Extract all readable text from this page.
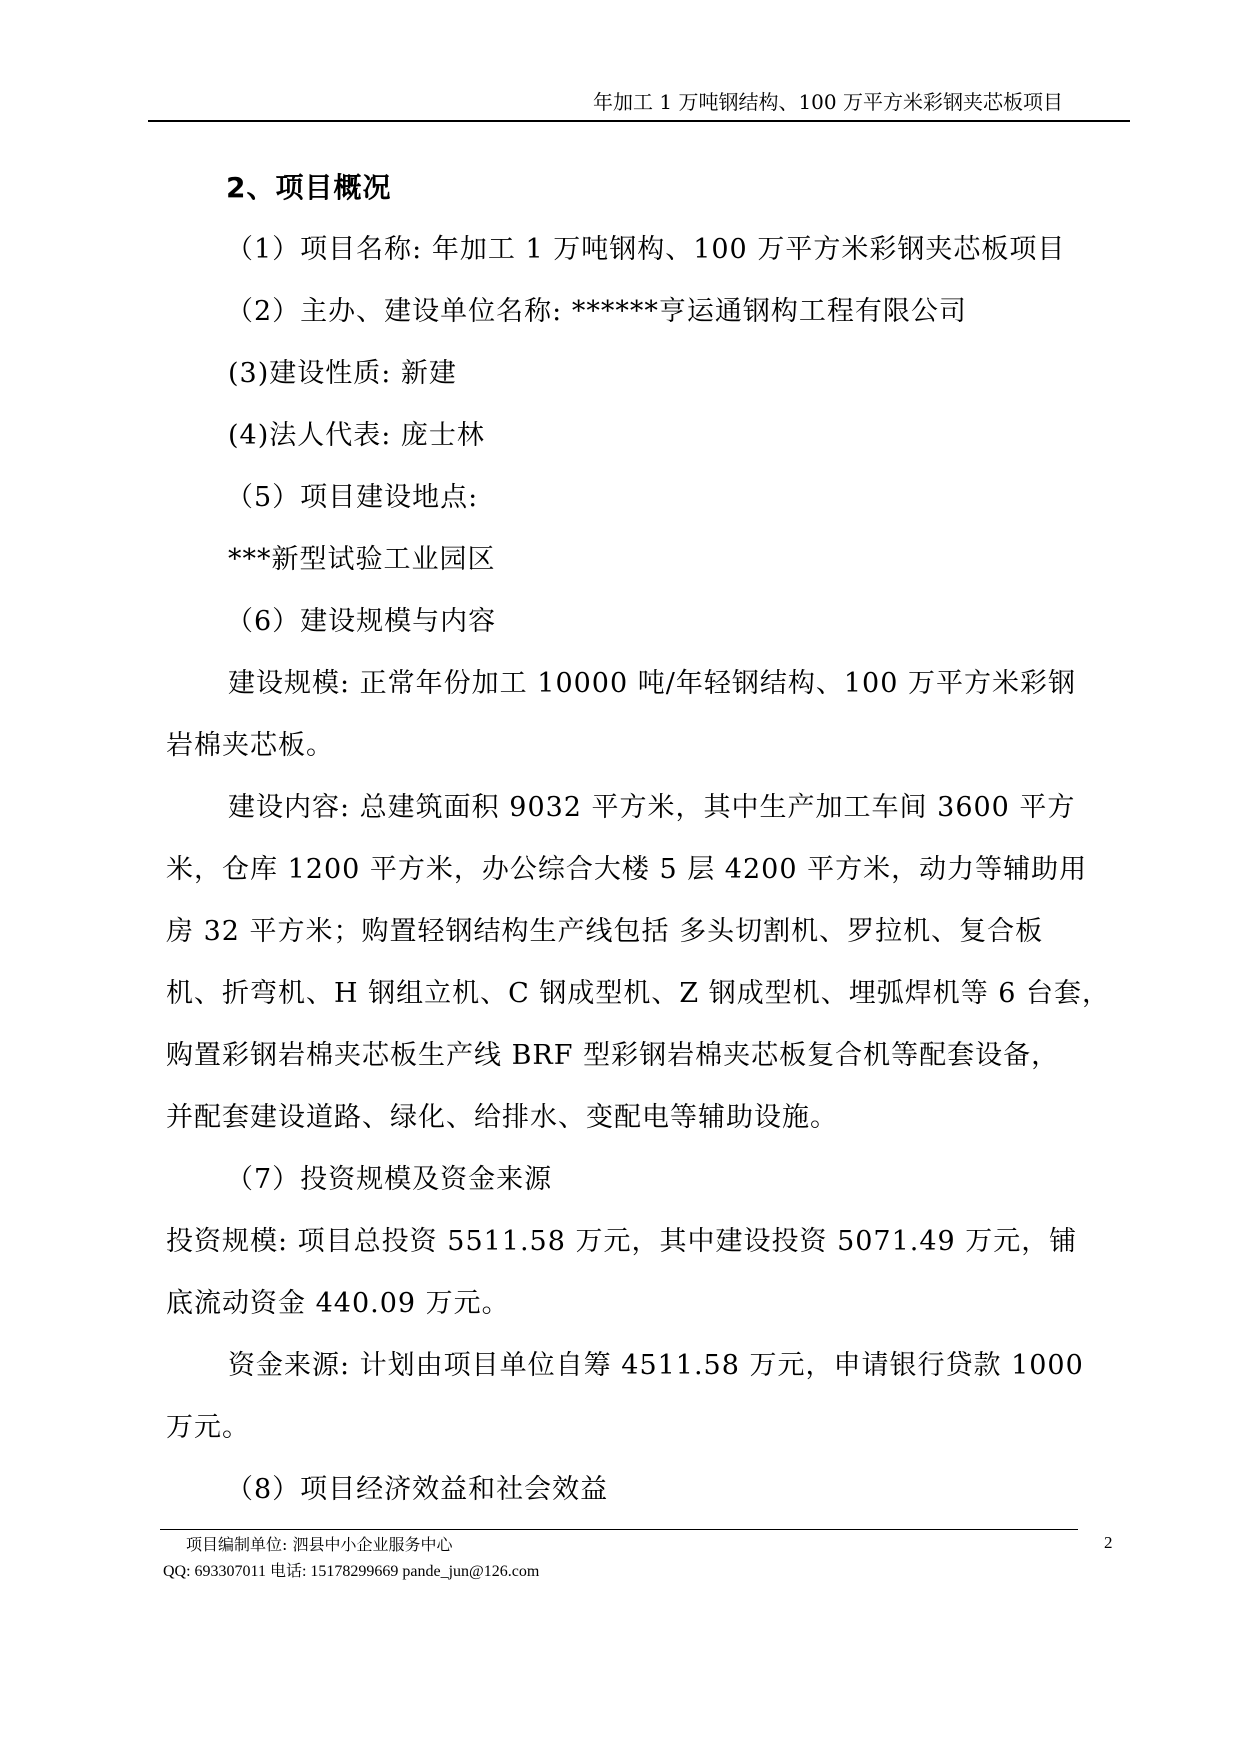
年加工 1 万吨钢结构、100 万平方米彩钢夹芯板项目
2、项目概况
（1）项目名称: 年加工 1 万吨钢构、100 万平方米彩钢夹芯板项目
（2）主办、建设单位名称: ******亨运通钢构工程有限公司
(3)建设性质: 新建
(4)法人代表: 庞士林
（5）项目建设地点:
***新型试验工业园区
（6）建设规模与内容
建设规模: 正常年份加工 10000 吨/年轻钢结构、100 万平方米彩钢
岩棉夹芯板。
建设内容: 总建筑面积 9032 平方米，其中生产加工车间 3600 平方
米，仓库 1200 平方米，办公综合大楼 5 层 4200 平方米，动力等辅助用
房 32 平方米；购置轻钢结构生产线包括 多头切割机、罗拉机、复合板
机、折弯机、H 钢组立机、C 钢成型机、Z 钢成型机、埋弧焊机等 6 台套，
购置彩钢岩棉夹芯板生产线 BRF 型彩钢岩棉夹芯板复合机等配套设备，
并配套建设道路、绿化、给排水、变配电等辅助设施。
（7）投资规模及资金来源
投资规模: 项目总投资 5511.58 万元，其中建设投资 5071.49 万元，铺
底流动资金 440.09 万元。
资金来源: 计划由项目单位自筹 4511.58 万元，申请银行贷款 1000
万元。
（8）项目经济效益和社会效益
项目编制单位: 泗县中小企业服务中心	2
QQ: 693307011 电话: 15178299669 pande_jun@126.com
